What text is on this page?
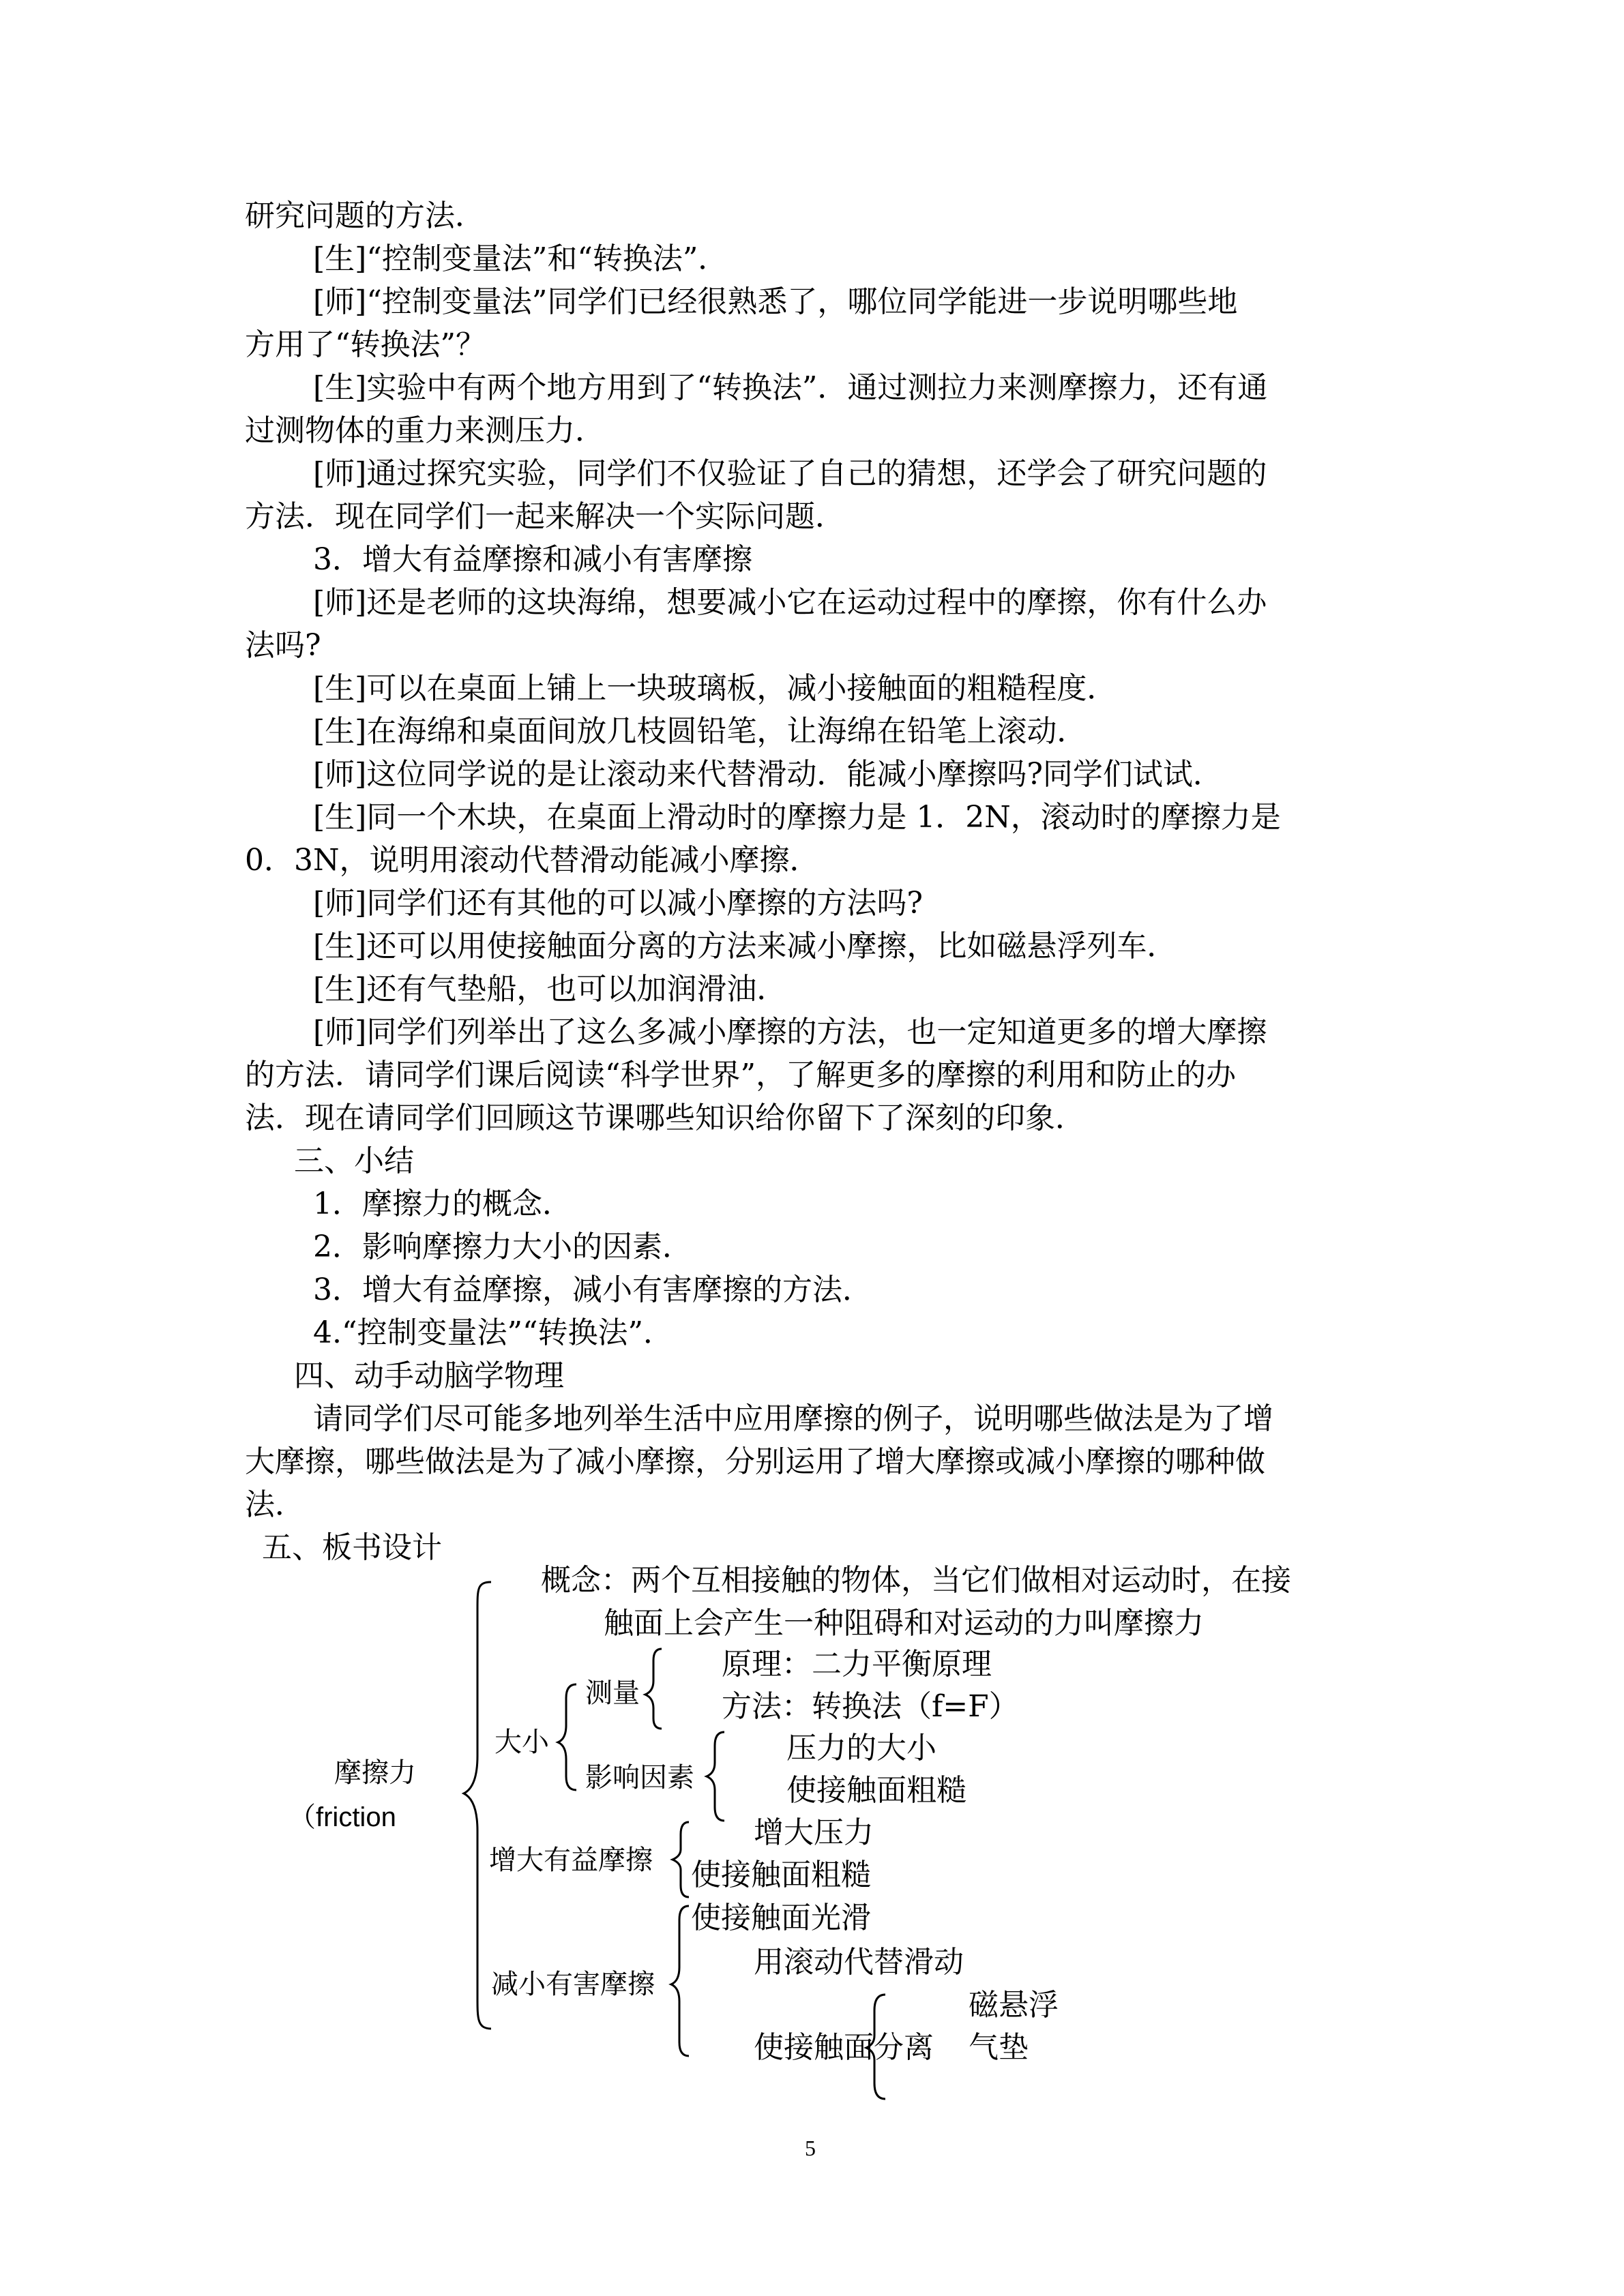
研究问题的方法．
[生]“控制变量法”和“转换法”．
[师]“控制变量法”同学们已经很熟悉了，哪位同学能进一步说明哪些地
方用了“转换法”？
[生]实验中有两个地方用到了“转换法”．通过测拉力来测摩擦力，还有通
过测物体的重力来测压力．
[师]通过探究实验，同学们不仅验证了自己的猜想，还学会了研究问题的
方法．现在同学们一起来解决一个实际问题．
3．增大有益摩擦和减小有害摩擦
[师]还是老师的这块海绵，想要减小它在运动过程中的摩擦，你有什么办
法吗?
[生]可以在桌面上铺上一块玻璃板，减小接触面的粗糙程度．
[生]在海绵和桌面间放几枝圆铅笔，让海绵在铅笔上滚动．
[师]这位同学说的是让滚动来代替滑动．能减小摩擦吗?同学们试试．
[生]同一个木块，在桌面上滑动时的摩擦力是 1．2N，滚动时的摩擦力是
0．3N，说明用滚动代替滑动能减小摩擦．
[师]同学们还有其他的可以减小摩擦的方法吗?
[生]还可以用使接触面分离的方法来减小摩擦，比如磁悬浮列车．
[生]还有气垫船，也可以加润滑油．
[师]同学们列举出了这么多减小摩擦的方法，也一定知道更多的增大摩擦
的方法．请同学们课后阅读“科学世界”，了解更多的摩擦的利用和防止的办
法．现在请同学们回顾这节课哪些知识给你留下了深刻的印象．
三、小结
1．摩擦力的概念．
2．影响摩擦力大小的因素．
3．增大有益摩擦，减小有害摩擦的方法．
4.“控制变量法”“转换法”．
四、动手动脑学物理
请同学们尽可能多地列举生活中应用摩擦的例子，说明哪些做法是为了增
大摩擦，哪些做法是为了减小摩擦，分别运用了增大摩擦或减小摩擦的哪种做
法．
五、板书设计
概念：两个互相接触的物体，当它们做相对运动时，在接
触面上会产生一种阻碍和对运动的力叫摩擦力
摩擦力
（friction
大小
测量
原理：二力平衡原理
方法：转换法（f=F）
影响因素
压力的大小
使接触面粗糙
增大有益摩擦
增大压力
使接触面粗糙
减小有害摩擦
使接触面光滑
用滚动代替滑动
使接触面分离
磁悬浮
气垫
5
